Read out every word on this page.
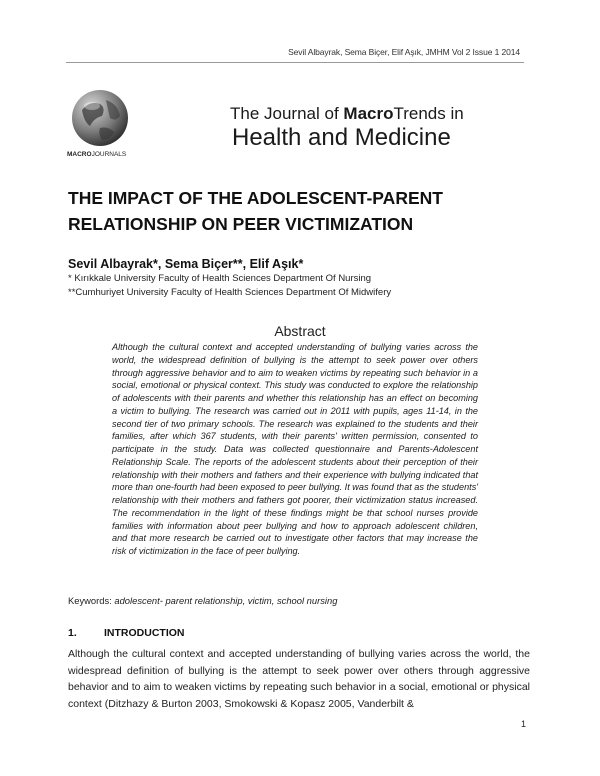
Sevil Albayrak, Sema Biçer, Elif Aşık, JMHM Vol 2 Issue 1 2014
MACROJOURNALS
The Journal of MacroTrends in
Health and Medicine
THE IMPACT OF THE ADOLESCENT-PARENT RELATIONSHIP ON PEER VICTIMIZATION
Sevil Albayrak*, Sema Biçer**, Elif Aşık*
* Kırıkkale University Faculty of Health Sciences Department Of Nursing
**Cumhuriyet University Faculty of Health Sciences Department Of Midwifery
Abstract
Although the cultural context and accepted understanding of bullying varies across the world, the widespread definition of bullying is the attempt to seek power over others through aggressive behavior and to aim to weaken victims by repeating such behavior in a social, emotional or physical context. This study was conducted to explore the relationship of adolescents with their parents and whether this relationship has an effect on becoming a victim to bullying. The research was carried out in 2011 with pupils, ages 11-14, in the second tier of two primary schools. The research was explained to the students and their families, after which 367 students, with their parents' written permission, consented to participate in the study. Data was collected questionnaire and Parents-Adolescent Relationship Scale. The reports of the adolescent students about their perception of their relationship with their mothers and fathers and their experience with bullying indicated that more than one-fourth had been exposed to peer bullying. It was found that as the students' relationship with their mothers and fathers got poorer, their victimization status increased. The recommendation in the light of these findings might be that school nurses provide families with information about peer bullying and how to approach adolescent children, and that more research be carried out to investigate other factors that may increase the risk of victimization in the face of peer bullying.
Keywords: adolescent- parent relationship, victim, school nursing
1.	INTRODUCTION
Although the cultural context and accepted understanding of bullying varies across the world, the widespread definition of bullying is the attempt to seek power over others through aggressive behavior and to aim to weaken victims by repeating such behavior in a social, emotional or physical context (Ditzhazy & Burton 2003, Smokowski & Kopasz 2005, Vanderbilt &
1
